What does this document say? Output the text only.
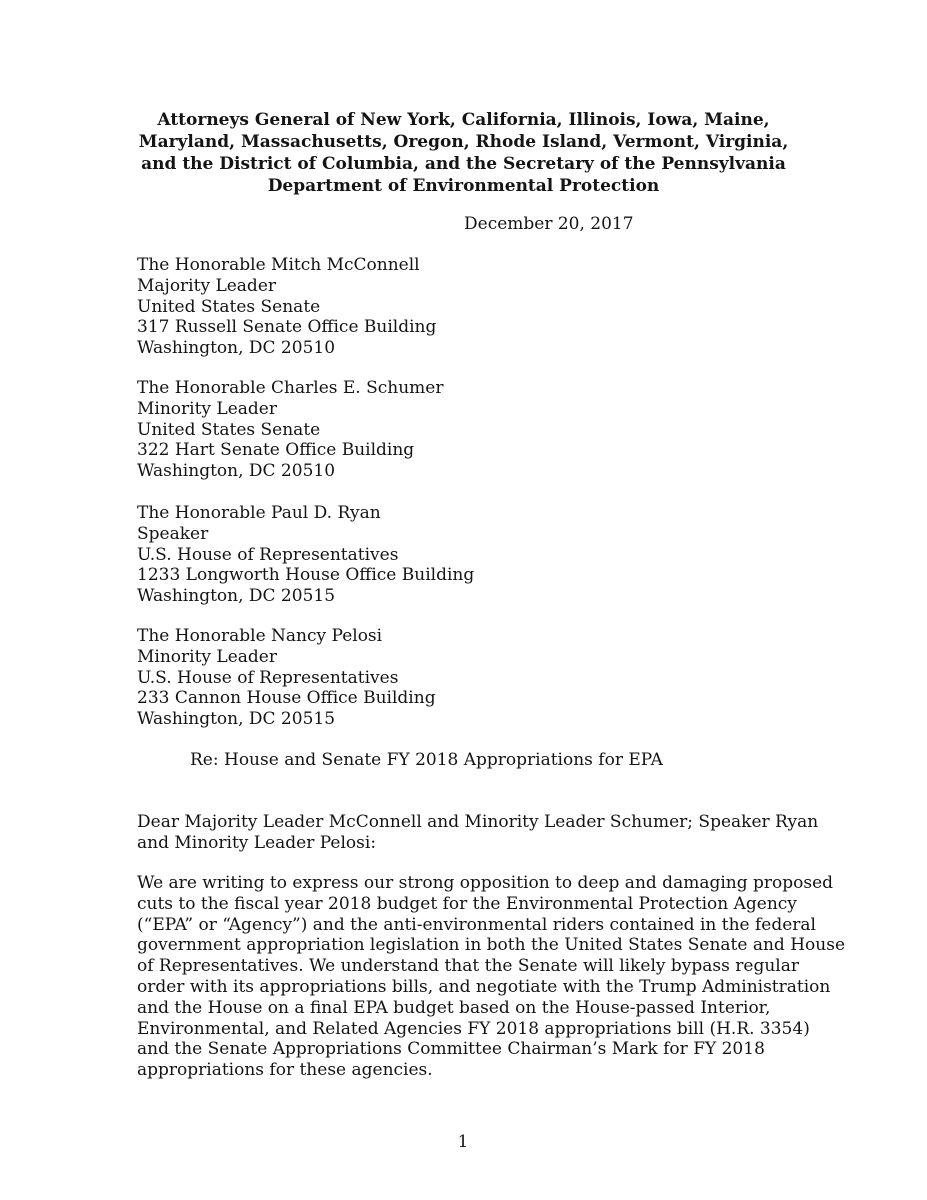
Attorneys General of New York, California, Illinois, Iowa, Maine,
Maryland, Massachusetts, Oregon, Rhode Island, Vermont, Virginia,
and the District of Columbia, and the Secretary of the Pennsylvania
Department of Environmental Protection
December 20, 2017
The Honorable Mitch McConnell
Majority Leader
United States Senate
317 Russell Senate Office Building
Washington, DC 20510
The Honorable Charles E. Schumer
Minority Leader
United States Senate
322 Hart Senate Office Building
Washington, DC 20510
The Honorable Paul D. Ryan
Speaker
U.S. House of Representatives
1233 Longworth House Office Building
Washington, DC 20515
The Honorable Nancy Pelosi
Minority Leader
U.S. House of Representatives
233 Cannon House Office Building
Washington, DC 20515
Re: House and Senate FY 2018 Appropriations for EPA
Dear Majority Leader McConnell and Minority Leader Schumer; Speaker Ryan
and Minority Leader Pelosi:
We are writing to express our strong opposition to deep and damaging proposed
cuts to the fiscal year 2018 budget for the Environmental Protection Agency
(“EPA” or “Agency”) and the anti-environmental riders contained in the federal
government appropriation legislation in both the United States Senate and House
of Representatives. We understand that the Senate will likely bypass regular
order with its appropriations bills, and negotiate with the Trump Administration
and the House on a final EPA budget based on the House-passed Interior,
Environmental, and Related Agencies FY 2018 appropriations bill (H.R. 3354)
and the Senate Appropriations Committee Chairman’s Mark for FY 2018
appropriations for these agencies.
1
